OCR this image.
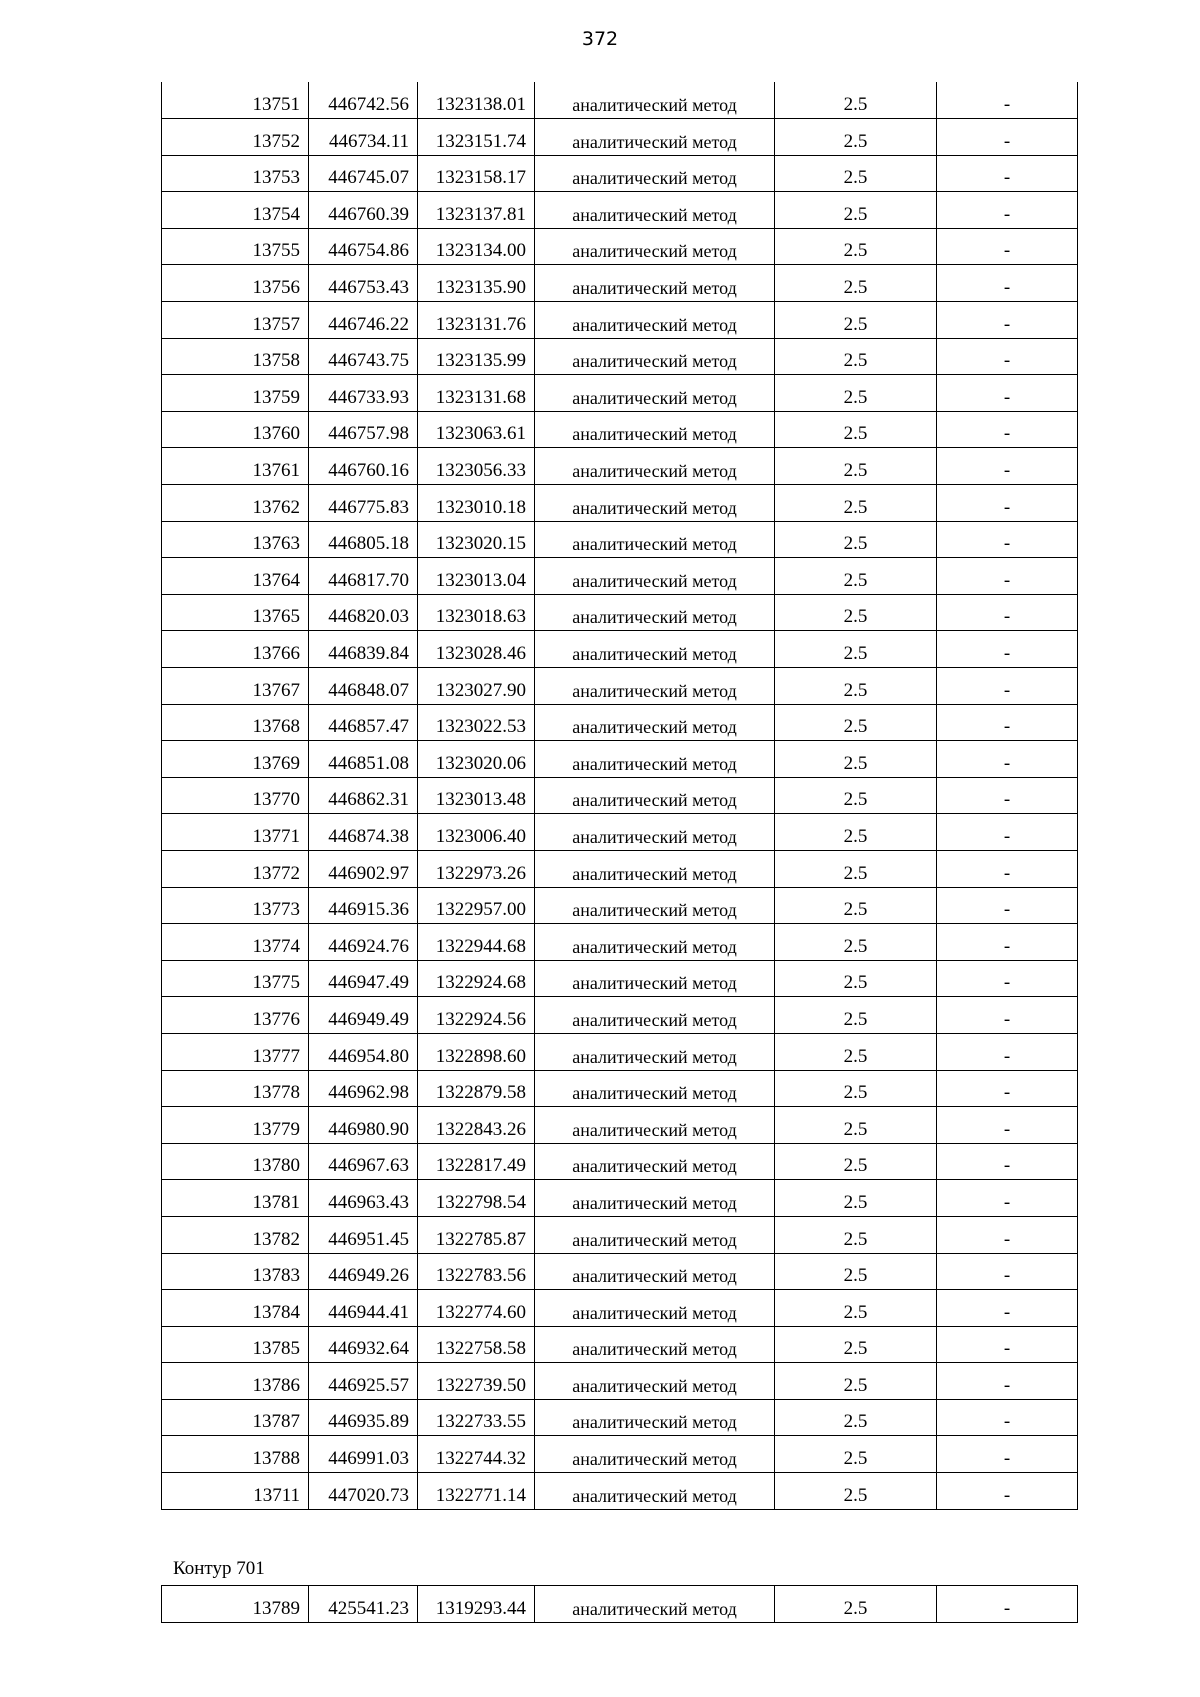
372
13751	446742.56	1323138.01	аналитический метод	2.5	-
13752	446734.11	1323151.74	аналитический метод	2.5	-
13753	446745.07	1323158.17	аналитический метод	2.5	-
13754	446760.39	1323137.81	аналитический метод	2.5	-
13755	446754.86	1323134.00	аналитический метод	2.5	-
13756	446753.43	1323135.90	аналитический метод	2.5	-
13757	446746.22	1323131.76	аналитический метод	2.5	-
13758	446743.75	1323135.99	аналитический метод	2.5	-
13759	446733.93	1323131.68	аналитический метод	2.5	-
13760	446757.98	1323063.61	аналитический метод	2.5	-
13761	446760.16	1323056.33	аналитический метод	2.5	-
13762	446775.83	1323010.18	аналитический метод	2.5	-
13763	446805.18	1323020.15	аналитический метод	2.5	-
13764	446817.70	1323013.04	аналитический метод	2.5	-
13765	446820.03	1323018.63	аналитический метод	2.5	-
13766	446839.84	1323028.46	аналитический метод	2.5	-
13767	446848.07	1323027.90	аналитический метод	2.5	-
13768	446857.47	1323022.53	аналитический метод	2.5	-
13769	446851.08	1323020.06	аналитический метод	2.5	-
13770	446862.31	1323013.48	аналитический метод	2.5	-
13771	446874.38	1323006.40	аналитический метод	2.5	-
13772	446902.97	1322973.26	аналитический метод	2.5	-
13773	446915.36	1322957.00	аналитический метод	2.5	-
13774	446924.76	1322944.68	аналитический метод	2.5	-
13775	446947.49	1322924.68	аналитический метод	2.5	-
13776	446949.49	1322924.56	аналитический метод	2.5	-
13777	446954.80	1322898.60	аналитический метод	2.5	-
13778	446962.98	1322879.58	аналитический метод	2.5	-
13779	446980.90	1322843.26	аналитический метод	2.5	-
13780	446967.63	1322817.49	аналитический метод	2.5	-
13781	446963.43	1322798.54	аналитический метод	2.5	-
13782	446951.45	1322785.87	аналитический метод	2.5	-
13783	446949.26	1322783.56	аналитический метод	2.5	-
13784	446944.41	1322774.60	аналитический метод	2.5	-
13785	446932.64	1322758.58	аналитический метод	2.5	-
13786	446925.57	1322739.50	аналитический метод	2.5	-
13787	446935.89	1322733.55	аналитический метод	2.5	-
13788	446991.03	1322744.32	аналитический метод	2.5	-
13711	447020.73	1322771.14	аналитический метод	2.5	-
Контур 701
13789	425541.23	1319293.44	аналитический метод	2.5	-
